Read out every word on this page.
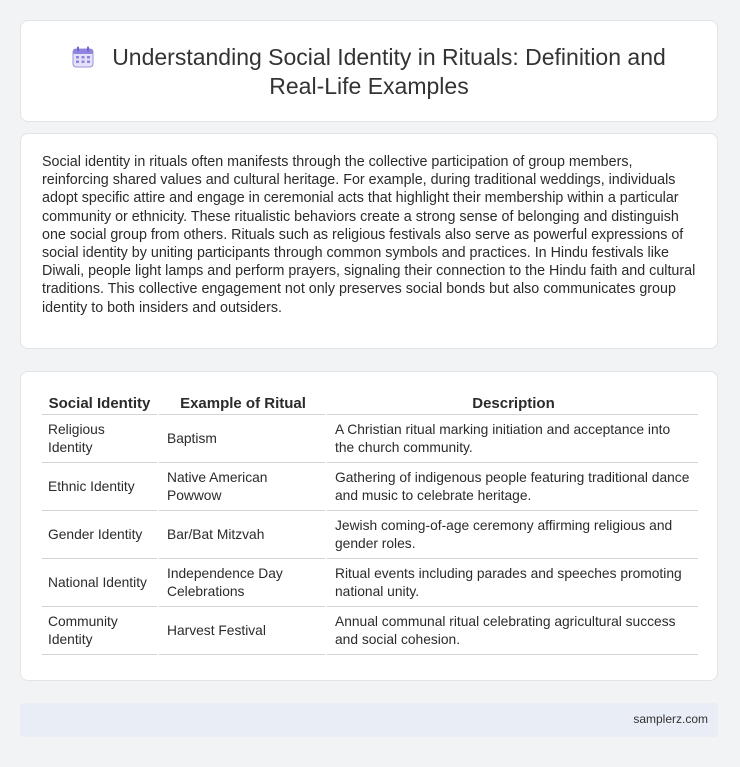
Understanding Social Identity in Rituals: Definition and Real-Life Examples

Social identity in rituals often manifests through the collective participation of group members, reinforcing shared values and cultural heritage. For example, during traditional weddings, individuals adopt specific attire and engage in ceremonial acts that highlight their membership within a particular community or ethnicity. These ritualistic behaviors create a strong sense of belonging and distinguish one social group from others. Rituals such as religious festivals also serve as powerful expressions of social identity by uniting participants through common symbols and practices. In Hindu festivals like Diwali, people light lamps and perform prayers, signaling their connection to the Hindu faith and cultural traditions. This collective engagement not only preserves social bonds but also communicates group identity to both insiders and outsiders.

Social Identity	Example of Ritual	Description
Religious Identity	Baptism	A Christian ritual marking initiation and acceptance into the church community.
Ethnic Identity	Native American Powwow	Gathering of indigenous people featuring traditional dance and music to celebrate heritage.
Gender Identity	Bar/Bat Mitzvah	Jewish coming-of-age ceremony affirming religious and gender roles.
National Identity	Independence Day Celebrations	Ritual events including parades and speeches promoting national unity.
Community Identity	Harvest Festival	Annual communal ritual celebrating agricultural success and social cohesion.
samplerz.com
